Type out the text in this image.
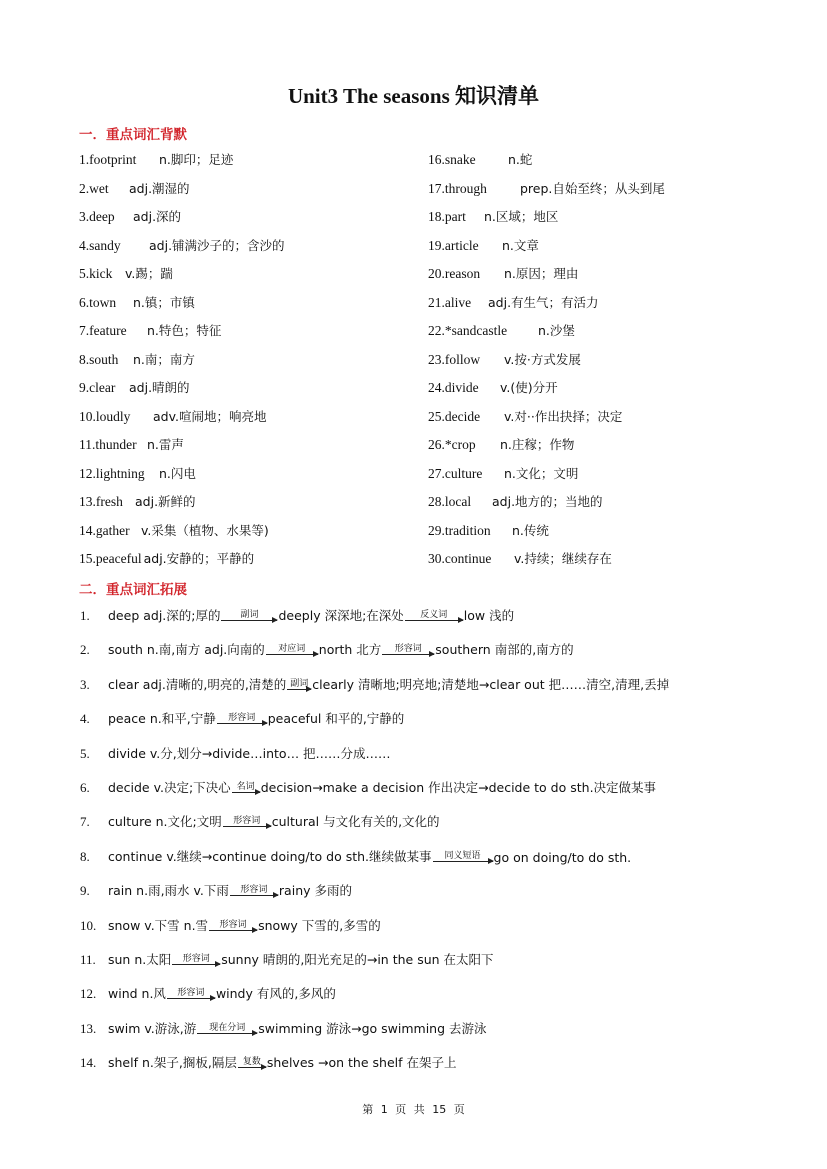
Unit3 The seasons 知识清单
一．重点词汇背默
1.footprint n.脚印；足迹
2.wet adj.潮湿的
3.deep adj.深的
4.sandy adj.铺满沙子的；含沙的
5.kick v.踢；踹
6.town n.镇；市镇
7.feature n.特色；特征
8.south n.南；南方
9.clear adj.晴朗的
10.loudly adv.喧闹地；响亮地
11.thunder n.雷声
12.lightning n.闪电
13.fresh adj.新鲜的
14.gather v.采集（植物、水果等)
15.peaceful adj.安静的；平静的
16.snake	n.蛇
17.through	prep.自始至终；从头到尾
18.part n.区域；地区
19.article n.文章
20.reason n.原因；理由
21.alive adj.有生气；有活力
22.*sandcastle n.沙堡
23.follow v.按·方式发展
24.divide v.(使)分开
25.decide v.对··作出抉择；决定
26.*crop n.庄稼；作物
27.culture n.文化；文明
28.local adj.地方的；当地的
29.tradition n.传统
30.continue v.持续；继续存在
二．重点词汇拓展
1.	deep adj.深的;厚的 副词 deeply 深深地;在深处 反义词 low 浅的
2.	south n.南,南方 adj.向南的 对应词 north 北方 形容词 southern 南部的,南方的
3.	clear adj.清晰的,明亮的,清楚的 副词 clearly 清晰地;明亮地;清楚地→clear out 把……清空,清理,丢掉
4.	peace n.和平,宁静 形容词 peaceful 和平的,宁静的
5.	divide v.分,划分→divide…into… 把……分成……
6.	decide v.决定;下决心 名词 decision→make a decision 作出决定→decide to do sth.决定做某事
7.	culture n.文化;文明 形容词 cultural 与文化有关的,文化的
8.	continue v.继续→continue doing/to do sth.继续做某事 同义短语 go on doing/to do sth.
9.	rain n.雨,雨水 v.下雨 形容词 rainy 多雨的
10. snow v.下雪 n.雪 形容词 snowy 下雪的,多雪的
11. sun n.太阳 形容词 sunny 晴朗的,阳光充足的→in the sun 在太阳下
12. wind n.风 形容词 windy 有风的,多风的
13. swim v.游泳,游 现在分词 swimming 游泳→go swimming 去游泳
14. shelf n.架子,搁板,隔层 复数 shelves →on the shelf 在架子上
第 1 页 共 15 页
